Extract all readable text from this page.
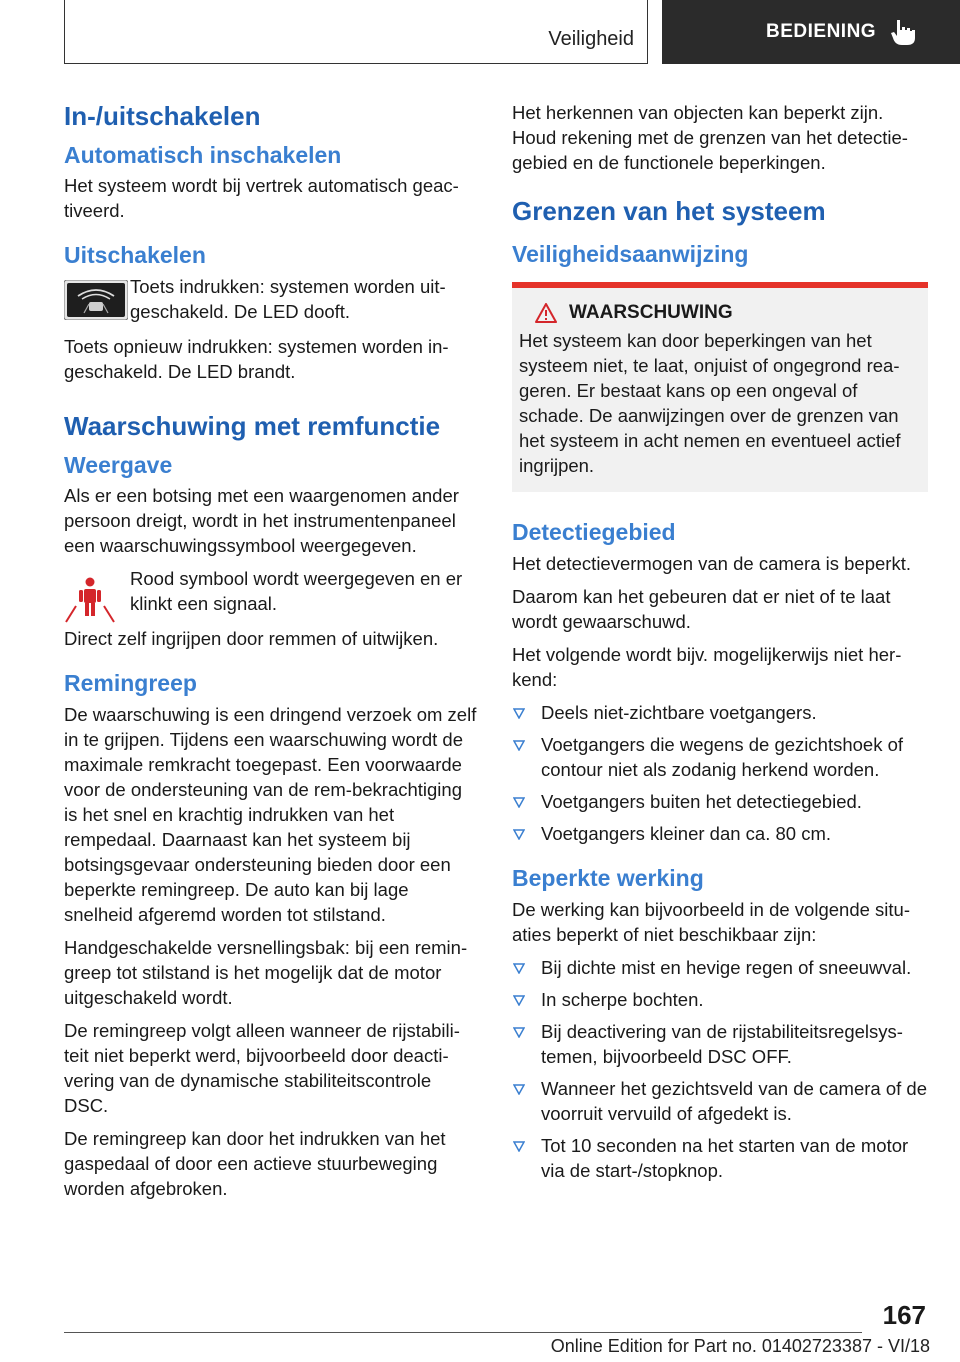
Veiligheid	BEDIENING
In-/uitschakelen
Automatisch inschakelen

Het systeem wordt bij vertrek automatisch geac-tiveerd.

Uitschakelen

Toets indrukken: systemen worden uit-geschakeld. De LED dooft.

Toets opnieuw indrukken: systemen worden in-geschakeld. De LED brandt.

Waarschuwing met remfunctie
Weergave

Als er een botsing met een waargenomen ander persoon dreigt, wordt in het instrumentenpaneel een waarschuwingssymbool weergegeven.

Rood symbool wordt weergegeven en er klinkt een signaal.

Direct zelf ingrijpen door remmen of uitwijken.

Remingreep

De waarschuwing is een dringend verzoek om zelf in te grijpen. Tijdens een waarschuwing wordt de maximale remkracht toegepast. Een voorwaarde voor de ondersteuning van de rem-bekrachtiging is het snel en krachtig indrukken van het rempedaal. Daarnaast kan het systeem bij botsingsgevaar ondersteuning bieden door een beperkte remingreep. De auto kan bij lage snelheid afgeremd worden tot stilstand.

Handgeschakelde versnellingsbak: bij een remin-greep tot stilstand is het mogelijk dat de motor uitgeschakeld wordt.

De remingreep volgt alleen wanneer de rijstabili-teit niet beperkt werd, bijvoorbeeld door deacti-vering van de dynamische stabiliteitscontrole DSC.

De remingreep kan door het indrukken van het gaspedaal of door een actieve stuurbeweging worden afgebroken.

Het herkennen van objecten kan beperkt zijn. Houd rekening met de grenzen van het detectie-gebied en de functionele beperkingen.

Grenzen van het systeem
Veiligheidsaanwijzing
WAARSCHUWING

Het systeem kan door beperkingen van het systeem niet, te laat, onjuist of ongegrond rea-geren. Er bestaat kans op een ongeval of schade. De aanwijzingen over de grenzen van het systeem in acht nemen en eventueel actief ingrijpen.

Detectiegebied

Het detectievermogen van de camera is beperkt.

Daarom kan het gebeuren dat er niet of te laat wordt gewaarschuwd.

Het volgende wordt bijv. mogelijkerwijs niet her-kend:

Deels niet-zichtbare voetgangers.
Voetgangers die wegens de gezichtshoek of contour niet als zodanig herkend worden.
Voetgangers buiten het detectiegebied.
Voetgangers kleiner dan ca. 80 cm.
Beperkte werking

De werking kan bijvoorbeeld in de volgende situ-aties beperkt of niet beschikbaar zijn:

Bij dichte mist en hevige regen of sneeuwval.
In scherpe bochten.
Bij deactivering van de rijstabiliteitsregelsys-temen, bijvoorbeeld DSC OFF.
Wanneer het gezichtsveld van de camera of de voorruit vervuild of afgedekt is.
Tot 10 seconden na het starten van de motor via de start-/stopknop.
167
Online Edition for Part no. 01402723387 - VI/18
